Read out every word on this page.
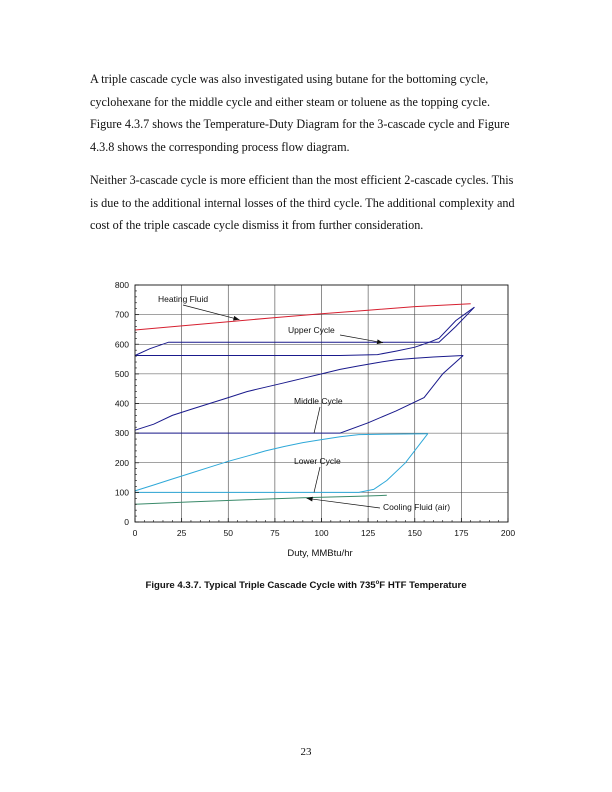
A triple cascade cycle was also investigated using butane for the bottoming cycle, cyclohexane for the middle cycle and either steam or toluene as the topping cycle. Figure 4.3.7 shows the Temperature-Duty Diagram for the 3-cascade cycle and Figure 4.3.8 shows the corresponding process flow diagram.

Neither 3-cascade cycle is more efficient than the most efficient 2-cascade cycles. This is due to the additional internal losses of the third cycle. The additional complexity and cost of the triple cascade cycle dismiss it from further consideration.

0
100
200
300
400
500
600
700
800
0	25	50	75	100	125	150	175	200
Heating Fluid
Upper Cycle
Middle Cycle
Lower Cycle
Cooling Fluid (air)
Duty, MMBtu/hr
Figure 4.3.7. Typical Triple Cascade Cycle with 735$^o$F HTF Temperature
23
